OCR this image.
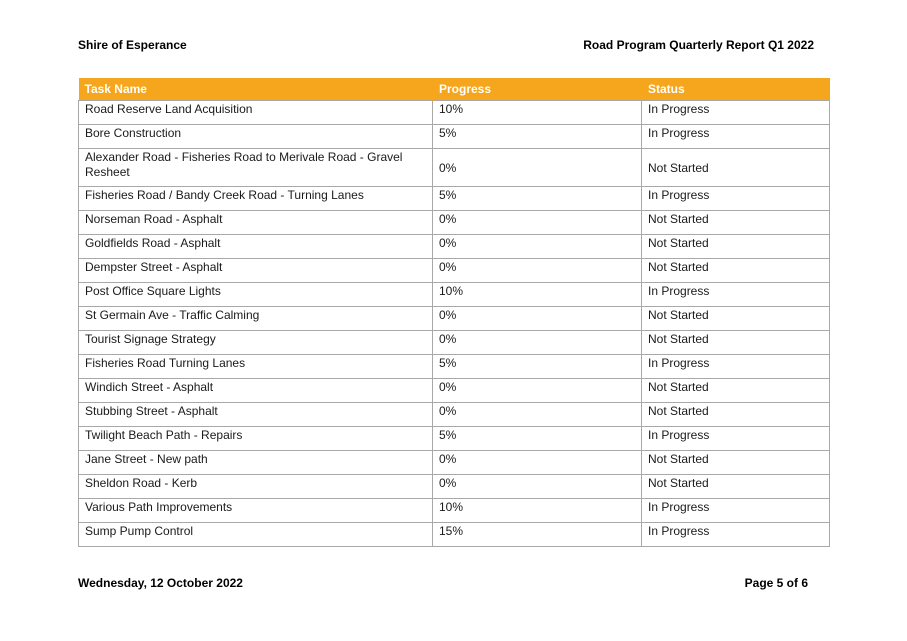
Shire of Esperance	Road Program Quarterly Report Q1 2022
Task Name	Progress	Status
Road Reserve Land Acquisition	10%	In Progress
Bore Construction	5%	In Progress
Alexander Road - Fisheries Road to Merivale Road - Gravel Resheet	0%	Not Started
Fisheries Road / Bandy Creek Road - Turning Lanes	5%	In Progress
Norseman Road - Asphalt	0%	Not Started
Goldfields Road - Asphalt	0%	Not Started
Dempster Street - Asphalt	0%	Not Started
Post Office Square Lights	10%	In Progress
St Germain Ave - Traffic Calming	0%	Not Started
Tourist Signage Strategy	0%	Not Started
Fisheries Road Turning Lanes	5%	In Progress
Windich Street - Asphalt	0%	Not Started
Stubbing Street - Asphalt	0%	Not Started
Twilight Beach Path - Repairs	5%	In Progress
Jane Street - New path	0%	Not Started
Sheldon Road - Kerb	0%	Not Started
Various Path Improvements	10%	In Progress
Sump Pump Control	15%	In Progress
Wednesday, 12 October 2022	Page 5 of 6
